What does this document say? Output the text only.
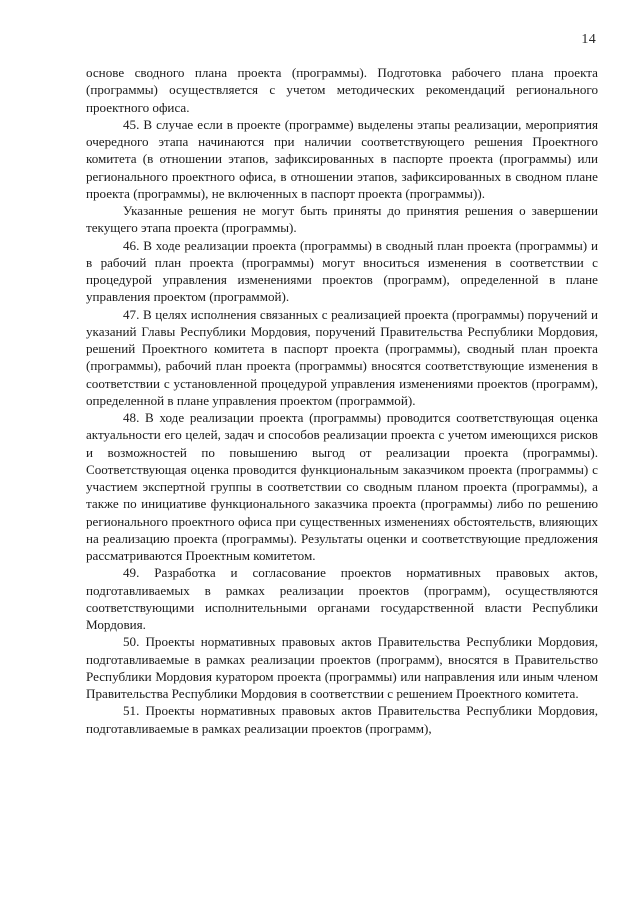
14

основе сводного плана проекта (программы). Подготовка рабочего плана проекта (программы) осуществляется с учетом методических рекомендаций регионального проектного офиса.

45. В случае если в проекте (программе) выделены этапы реализации, мероприятия очередного этапа начинаются при наличии соответствующего решения Проектного комитета (в отношении этапов, зафиксированных в паспорте проекта (программы) или регионального проектного офиса, в отношении этапов, зафиксированных в сводном плане проекта (программы), не включенных в паспорт проекта (программы)).

Указанные решения не могут быть приняты до принятия решения о завершении текущего этапа проекта (программы).

46. В ходе реализации проекта (программы) в сводный план проекта (программы) и в рабочий план проекта (программы) могут вноситься изменения в соответствии с процедурой управления изменениями проектов (программ), определенной в плане управления проектом (программой).

47. В целях исполнения связанных с реализацией проекта (программы) поручений и указаний Главы Республики Мордовия, поручений Правительства Республики Мордовия, решений Проектного комитета в паспорт проекта (программы), сводный план проекта (программы), рабочий план проекта (программы) вносятся соответствующие изменения в соответствии с установленной процедурой управления изменениями проектов (программ), определенной в плане управления проектом (программой).

48. В ходе реализации проекта (программы) проводится соответствующая оценка актуальности его целей, задач и способов реализации проекта с учетом имеющихся рисков и возможностей по повышению выгод от реализации проекта (программы). Соответствующая оценка проводится функциональным заказчиком проекта (программы) с участием экспертной группы в соответствии со сводным планом проекта (программы), а также по инициативе функционального заказчика проекта (программы) либо по решению регионального проектного офиса при существенных изменениях обстоятельств, влияющих на реализацию проекта (программы). Результаты оценки и соответствующие предложения рассматриваются Проектным комитетом.

49. Разработка и согласование проектов нормативных правовых актов, подготавливаемых в рамках реализации проектов (программ), осуществляются соответствующими исполнительными органами государственной власти Республики Мордовия.

50. Проекты нормативных правовых актов Правительства Республики Мордовия, подготавливаемые в рамках реализации проектов (программ), вносятся в Правительство Республики Мордовия куратором проекта (программы) или направления или иным членом Правительства Республики Мордовия в соответствии с решением Проектного комитета.

51. Проекты нормативных правовых актов Правительства Республики Мордовия, подготавливаемые в рамках реализации проектов (программ),
